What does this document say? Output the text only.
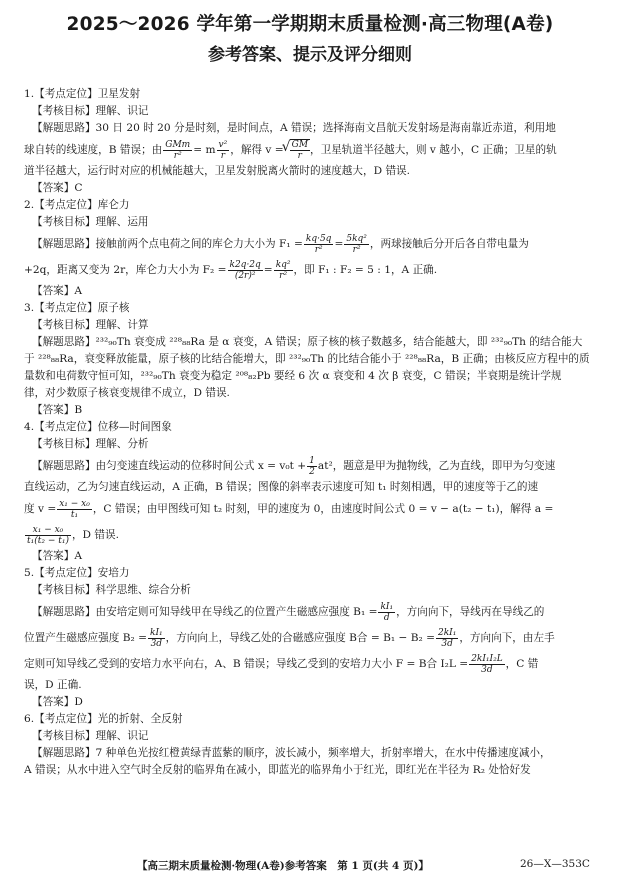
2025～2026 学年第一学期期末质量检测·高三物理(A卷)
参考答案、提示及评分细则
1.【考点定位】卫星发射
【考核目标】理解、识记
【解题思路】30 日 20 时 20 分是时刻，是时间点，A 错误；选择海南文昌航天发射场是海南靠近赤道，利用地
球自转的线速度，B 错误；由 $\frac{\text{GMm}}{\text{r²}} = m \frac{\text{v²}}{r}$ ，解得 v =
√ $\frac{GM}{r}$ ，卫星轨道半径越大，则 v 越小，C 正确；卫星的轨
道半径越大，运行时对应的机械能越大，卫星发射脱离火箭时的速度越大，D 错误.
【答案】C
2.【考点定位】库仑力
【考核目标】理解、运用
【解题思路】接触前两个点电荷之间的库仑力大小为 $F_1 = \frac{kq\cdot 5q}{\text{r²}} = \frac{\text{5kq²}}{\text{r²}}$ ，两球接触后分开后各自带电量为
+2q，距离又变为 2r，库仑力大小为 $F_2 = \frac{k2q\cdot 2q}{\text{(2r)²}} = \frac{\text{kq²}}{\text{r²}}$ ，即 F₁ : F₂ = 5 : 1，A 正确.
【答案】A
3.【考点定位】原子核
【考核目标】理解、计算
【解题思路】²³²₉₀Th 衰变成 ²²⁸₈₈Ra 是 α 衰变，A 错误；原子核的核子数越多，结合能越大，即 ²³²₉₀Th 的结合能大
于 ²²⁸₈₈Ra，衰变释放能量，原子核的比结合能增大，即 ²³²₉₀Th 的比结合能小于 ²²⁸₈₈Ra，B 正确；由核反应方程中的质
量数和电荷数守恒可知，²³²₉₀Th 衰变为稳定 ²⁰⁸₈₂Pb 要经 6 次 α 衰变和 4 次 β 衰变，C 错误；半衰期是统计学规
律，对少数原子核衰变规律不成立，D 错误.
【答案】B
4.【考点定位】位移—时间图象
【考核目标】理解、分析
【解题思路】由匀变速直线运动的位移时间公式 $x = v_0t + \frac{1}{2} at^2$，题意是甲为抛物线，乙为直线，即甲为匀变速
直线运动，乙为匀速直线运动，A 正确，B 错误；图像的斜率表示速度可知 t₁ 时刻相遇，甲的速度等于乙的速
度 $v = \frac{\text{x₁ − x₀}}{\text{t₁}}$ ，C 错误；由甲图线可知 t₂ 时刻，甲的速度为 0，由速度时间公式 0 = v − a(t₂ − t₁)，解得 a =
$\frac{\text{x₁ − x₀}}{\text{t₁(t₂ − t₁)}}$ ，D 错误.
【答案】A
5.【考点定位】安培力
【考核目标】科学思维、综合分析
【解题思路】由安培定则可知导线甲在导线乙的位置产生磁感应强度 $B_1 = \frac{\text{kI₁}}{d}$ ，方向向下，导线丙在导线乙的
位置产生磁感应强度 $B_2 = \frac{\text{kI₁}}{3d}$ ，方向向上，导线乙处的合磁感应强度 B合 = $B_1 - B_2 = \frac{\text{2kI₁}}{3d}$ ，方向向下，由左手
定则可知导线乙受到的安培力水平向右，A、B 错误；导线乙受到的安培力大小 F = B合 $I_2L = \frac{\text{2kI₁I₂L}}{3d}$ ，C 错
误，D 正确.
【答案】D
6.【考点定位】光的折射、全反射
【考核目标】理解、识记
【解题思路】7 种单色光按红橙黄绿青蓝紫的顺序，波长减小，频率增大，折射率增大，在水中传播速度减小，
A 错误；从水中进入空气时全反射的临界角在减小，即蓝光的临界角小于红光，即红光在半径为 R₂ 处恰好发
【高三期末质量检测·物理(A卷)参考答案　第 1 页(共 4 页)】	26—X—353C
